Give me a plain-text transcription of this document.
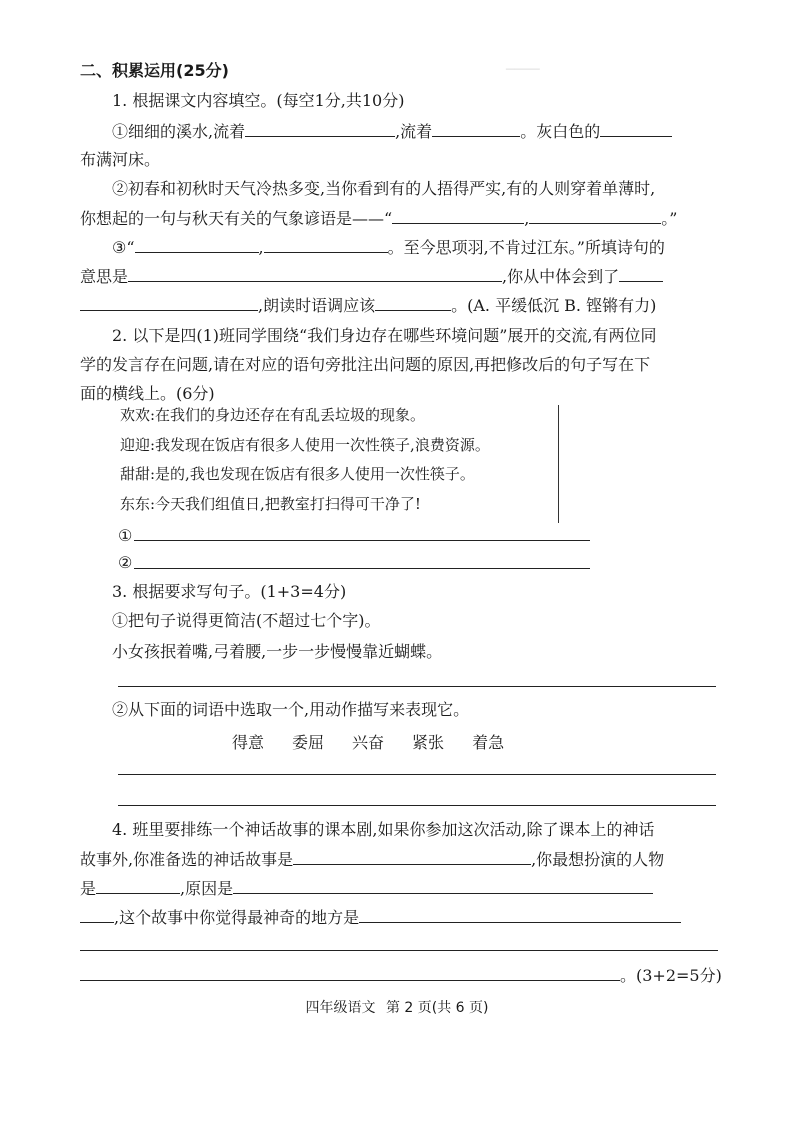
────
二、积累运用(25分)
1. 根据课文内容填空。(每空1分,共10分)
①细细的溪水,流着	,流着	。灰白色的
布满河床。
②初春和初秋时天气冷热多变,当你看到有的人捂得严实,有的人则穿着单薄时,
你想起的一句与秋天有关的气象谚语是——“	,	。”
③“	,	。至今思项羽,不肯过江东。”所填诗句的
意思是	,你从中体会到了
,朗读时语调应该	。(A. 平缓低沉 B. 铿锵有力)
2. 以下是四(1)班同学围绕“我们身边存在哪些环境问题”展开的交流,有两位同
学的发言存在问题,请在对应的语句旁批注出问题的原因,再把修改后的句子写在下
面的横线上。(6分)
欢欢:在我们的身边还存在有乱丢垃圾的现象。
迎迎:我发现在饭店有很多人使用一次性筷子,浪费资源。
甜甜:是的,我也发现在饭店有很多人使用一次性筷子。
东东:今天我们组值日,把教室打扫得可干净了!
①
②
3. 根据要求写句子。(1+3=4分)
①把句子说得更简洁(不超过七个字)。
小女孩抿着嘴,弓着腰,一步一步慢慢靠近蝴蝶。
②从下面的词语中选取一个,用动作描写来表现它。
得意 委屈 兴奋 紧张 着急
4. 班里要排练一个神话故事的课本剧,如果你参加这次活动,除了课本上的神话
故事外,你准备选的神话故事是	,你最想扮演的人物
是	,原因是
,这个故事中你觉得最神奇的地方是
。(3+2=5分)
四年级语文 第 2 页(共 6 页)
